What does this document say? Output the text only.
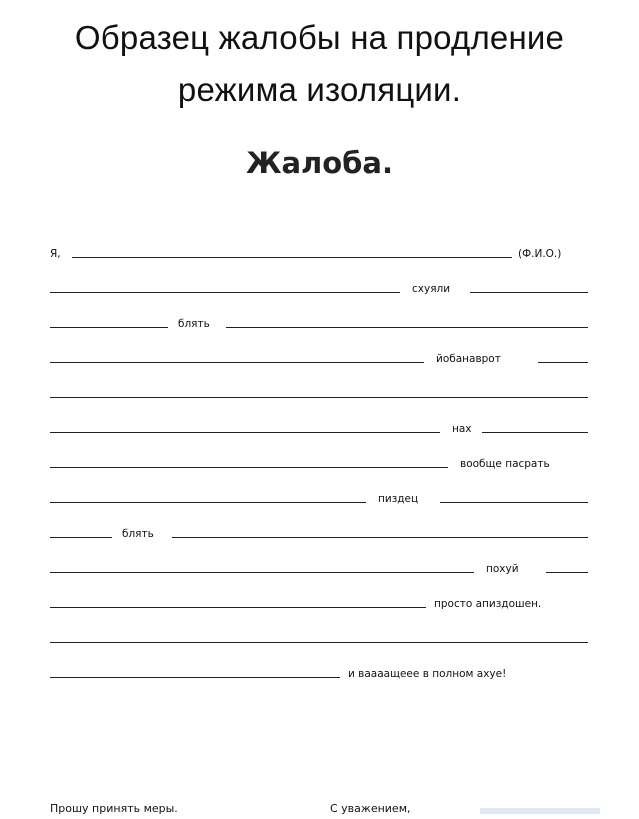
Образец жалобы на продление
режима изоляции.
Жалоба.
Я,	(Ф.И.О.)
схуяли
блять
йобанаврот
нах
вообще пасрать
пиздец
блять
похуй
просто апиздошен.
и ваааащеее в полном ахуе!
Прошу принять меры.	С уважением,
